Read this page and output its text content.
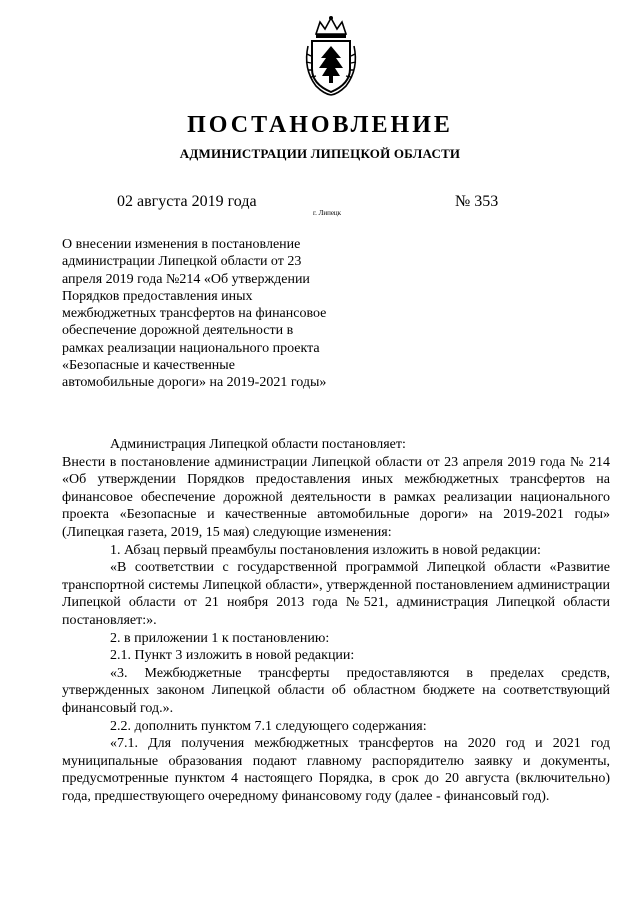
ПОСТАНОВЛЕНИЕ
АДМИНИСТРАЦИИ ЛИПЕЦКОЙ ОБЛАСТИ
02 августа 2019 года
г. Липецк
№ 353
О внесении изменения в постановление
администрации Липецкой области от 23
апреля 2019 года №214 «Об утверждении
Порядков предоставления иных
межбюджетных трансфертов на финансовое
обеспечение дорожной деятельности в
рамках реализации национального проекта
«Безопасные и качественные
автомобильные дороги» на 2019-2021 годы»
Администрация Липецкой области постановляет:
Внести в постановление администрации Липецкой области от 23 апреля 2019 года № 214 «Об утверждении Порядков предоставления иных межбюджетных трансфертов на финансовое обеспечение дорожной деятельности в рамках реализации национального проекта «Безопасные и качественные автомобильные дороги» на 2019-2021 годы» (Липецкая газета, 2019, 15 мая) следующие изменения:
1. Абзац первый преамбулы постановления изложить в новой редакции:
«В соответствии с государственной программой Липецкой области «Развитие транспортной системы Липецкой области», утвержденной постановлением администрации Липецкой области от 21 ноября 2013 года №521, администрация Липецкой области постановляет:».
2. в приложении 1 к постановлению:
2.1. Пункт 3 изложить в новой редакции:
«3. Межбюджетные трансферты предоставляются в пределах средств, утвержденных законом Липецкой области об областном бюджете на соответствующий финансовый год.».
2.2. дополнить пунктом 7.1 следующего содержания:
«7.1. Для получения межбюджетных трансфертов на 2020 год и 2021 год муниципальные образования подают главному распорядителю заявку и документы, предусмотренные пунктом 4 настоящего Порядка, в срок до 20 августа (включительно) года, предшествующего очередному финансовому году (далее - финансовый год).
